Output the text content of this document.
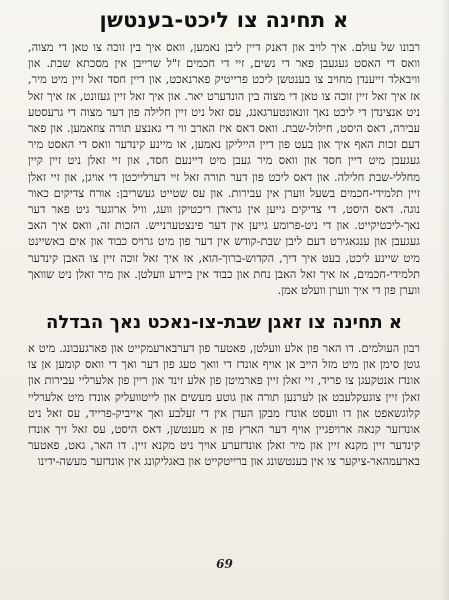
א תחינה צו ליכט-בענטשן

רבונו של עולם. איך לויב און דאנק דיין ליבן נאמען, וואס איך בין זוכה צו טאן די מצוה, וואס די האסט געגעבן פאר די נשים, זיי די חכמים ז"ל שרייבן אין מסכתא שבת. און וויבאלד זייענדן מחויב צו בענטשן ליכט פרייטיק פארנאכט, און דיין חסד זאל זיין מיט מיר, אז איך זאל זיין זוכה צו טאן די מצוה בין הונדערט יאר. און איך זאל זיין געזונט, אז איך זאל ניט אנצינדן די ליכט נאך זונאונטערגאנג, עס זאל ניט זיין חלילה פון דער מצוה די גרעסטע עבירה, דאס היסט, חילול-שבת. וואס דאס איז הארב ווי די גאנצע תורה צוזאמען. און פאר דעם זכות האף איך און בעט פון דיין הייליקן נאמען, או מיינע קינדער וואס די האסט מיר געגעבן מיט דיין חסד און וואס מיר געבן מיט דיינעם חסד, און זיי זאלן ניט זיין קיין מחללי-שבת חלילה. און דאס ליכט פון דער תורה זאל זיי דערלייכטן די אויגן, און זיי זאלן זיין תלמידי-חכמים בשעל ווערן אין עבירות. און עס שטייט געשריבן: אורח צדיקים כאור נוגה. דאס היסט, די צדיקים גייען אין גראדן ריכטיקן וועג, וויל ארוגער גיט פאר דער נאך-ליכטיקייט. און די ניט-פרומע גייען אין דער פינצטערנייש. הזכות זה, וואס איך האב געגעבן און ענגאגירט דעם ליבן שבת-קודש אין דער פון מיט גרויס כבוד און אים באשיינט מיט שיינע ליכט, בעט איך דיך, הקדוש-ברוך-הוא, אז איך זאל זוכה זיין צו האבן קינדער תלמידי-חכמים, אז איך זאל האבן נחת און כבוד אין ביידע וועלטן. און מיר זאלן ניט שוואך ווערן פון די איך ווערן וועלט אמן.

א תחינה צו זאגן שבת-צו-נאכט נאך הבדלה

רבון העולמים. דו האר פון אלע וועלטן, פאטער פון דערבארעמקייט און פארגעבונג. מיט א גוטן סימן און מיט מזל הייב אן אויף אונדז די וואך טעג פון דער ואך די וואס קומען אן צו אונדז אנטקעגן צו פריד, זיי זאלן זיין פארמיטן פון אלע זינד און ריין פון אלערליי עבירות און זאלן זיין צוגעקלעבט אן לערנען תורה און גוטע מעשים און לייטוועליק אונדז מיט אלערליי קלוגשאפט און דו וועסט אונדז מבקן העדן אין די זעלבע ואך אייביק-פרייד, עס זאל ניט אונדזער קנאה ארויפגיין אויף דער הארץ פון א מענטשן, דאס היסט, עס זאל זיך אונדז קינדער זיין מקנא זיין און מיר זאלן אונדזערע אויך ניט מקנא זיין. דו האר, גאט, פאטער בארעמהאר-ציקער צו אין בענטשונג און ברייטקייט און באגליקונג אין אונדזער מעשה-ידינו

69
